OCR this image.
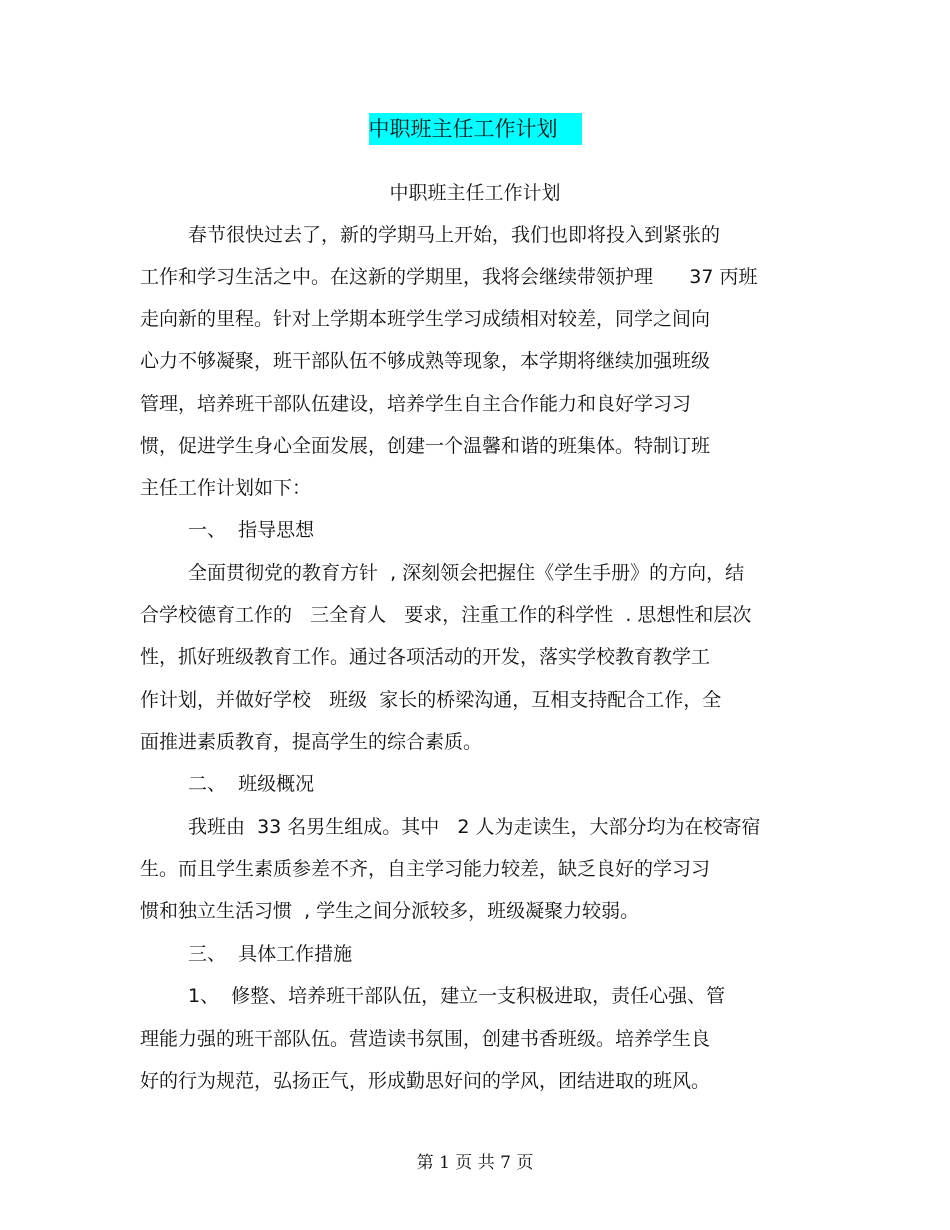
中职班主任工作计划
中职班主任工作计划
春节很快过去了，新的学期马上开始，我们也即将投入到紧张的
工作和学习生活之中。在这新的学期里，我将会继续带领护理      37 丙班
走向新的里程。针对上学期本班学生学习成绩相对较差，同学之间向
心力不够凝聚，班干部队伍不够成熟等现象，本学期将继续加强班级
管理，培养班干部队伍建设，培养学生自主合作能力和良好学习习
惯，促进学生身心全面发展，创建一个温馨和谐的班集体。特制订班
主任工作计划如下：
一、  指导思想
全面贯彻党的教育方针  , 深刻领会把握住《学生手册》的方向，结
合学校德育工作的   三全育人   要求，注重工作的科学性  . 思想性和层次
性，抓好班级教育工作。通过各项活动的开发，落实学校教育教学工
作计划，并做好学校   班级  家长的桥梁沟通，互相支持配合工作，全
面推进素质教育，提高学生的综合素质。
二、  班级概况
我班由  33 名男生组成。其中   2 人为走读生，大部分均为在校寄宿
生。而且学生素质参差不齐，自主学习能力较差，缺乏良好的学习习
惯和独立生活习惯  , 学生之间分派较多，班级凝聚力较弱。
三、  具体工作措施
1、  修整、培养班干部队伍，建立一支积极进取，责任心强、管
理能力强的班干部队伍。营造读书氛围，创建书香班级。培养学生良
好的行为规范，弘扬正气，形成勤思好问的学风，团结进取的班风。
第 1 页 共 7 页
